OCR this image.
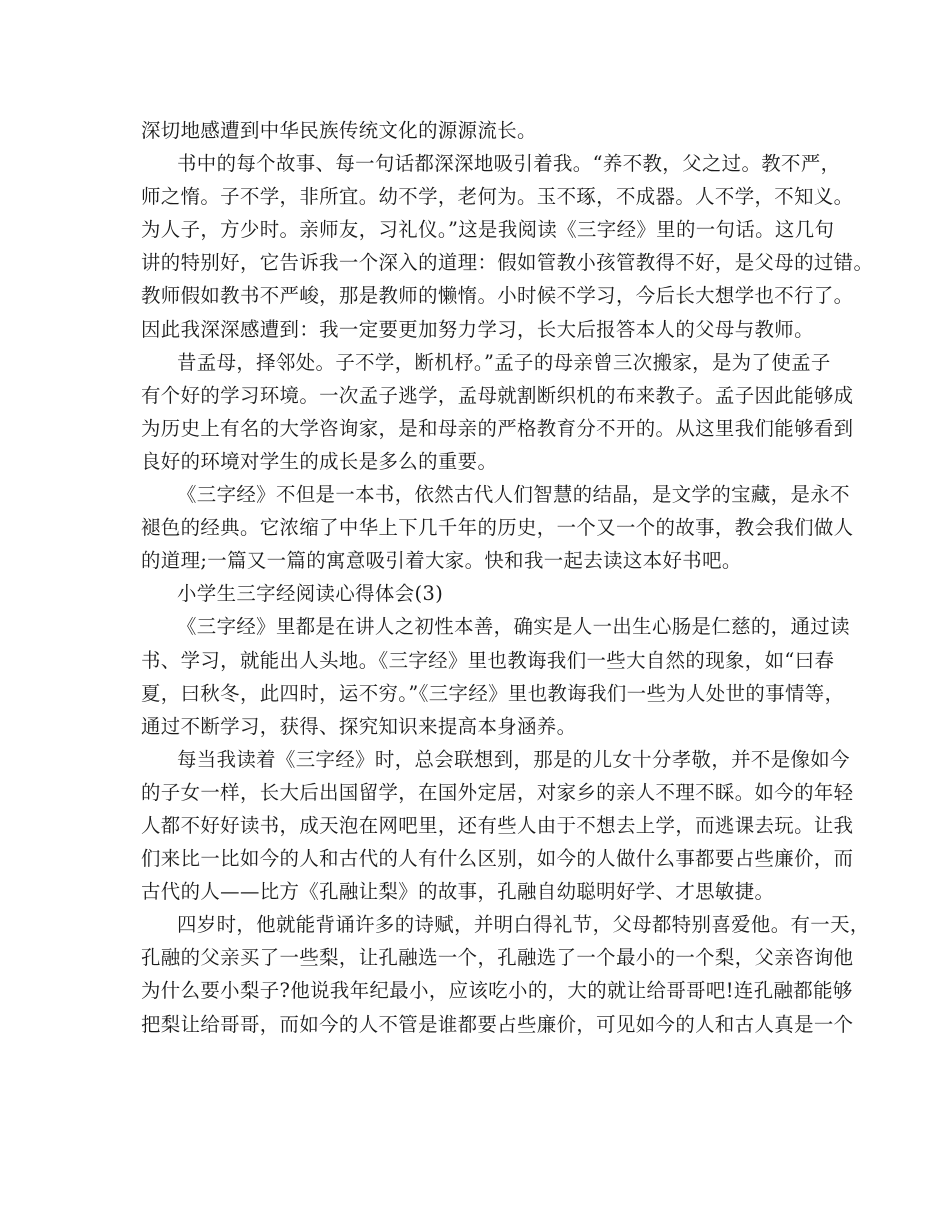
深切地感遭到中华民族传统文化的源源流长。
书中的每个故事、每一句话都深深地吸引着我。“养不教，父之过。教不严，
师之惰。子不学，非所宜。幼不学，老何为。玉不琢，不成器。人不学，不知义。
为人子，方少时。亲师友，习礼仪。”这是我阅读《三字经》里的一句话。这几句
讲的特别好，它告诉我一个深入的道理：假如管教小孩管教得不好，是父母的过错。
教师假如教书不严峻，那是教师的懒惰。小时候不学习，今后长大想学也不行了。
因此我深深感遭到：我一定要更加努力学习，长大后报答本人的父母与教师。
昔孟母，择邻处。子不学，断机杼。”孟子的母亲曾三次搬家，是为了使孟子
有个好的学习环境。一次孟子逃学，孟母就割断织机的布来教子。孟子因此能够成
为历史上有名的大学咨询家，是和母亲的严格教育分不开的。从这里我们能够看到
良好的环境对学生的成长是多么的重要。
《三字经》不但是一本书，依然古代人们智慧的结晶，是文学的宝藏，是永不
褪色的经典。它浓缩了中华上下几千年的历史，一个又一个的故事，教会我们做人
的道理;一篇又一篇的寓意吸引着大家。快和我一起去读这本好书吧。
小学生三字经阅读心得体会(3)
《三字经》里都是在讲人之初性本善，确实是人一出生心肠是仁慈的，通过读
书、学习，就能出人头地。《三字经》里也教诲我们一些大自然的现象，如“曰春
夏，曰秋冬，此四时，运不穷。”《三字经》里也教诲我们一些为人处世的事情等，
通过不断学习，获得、探究知识来提高本身涵养。
每当我读着《三字经》时，总会联想到，那是的儿女十分孝敬，并不是像如今
的子女一样，长大后出国留学，在国外定居，对家乡的亲人不理不睬。如今的年轻
人都不好好读书，成天泡在网吧里，还有些人由于不想去上学，而逃课去玩。让我
们来比一比如今的人和古代的人有什么区别，如今的人做什么事都要占些廉价，而
古代的人——比方《孔融让梨》的故事，孔融自幼聪明好学、才思敏捷。
四岁时，他就能背诵许多的诗赋，并明白得礼节，父母都特别喜爱他。有一天，
孔融的父亲买了一些梨，让孔融选一个，孔融选了一个最小的一个梨，父亲咨询他
为什么要小梨子?他说我年纪最小，应该吃小的，大的就让给哥哥吧!连孔融都能够
把梨让给哥哥，而如今的人不管是谁都要占些廉价，可见如今的人和古人真是一个
